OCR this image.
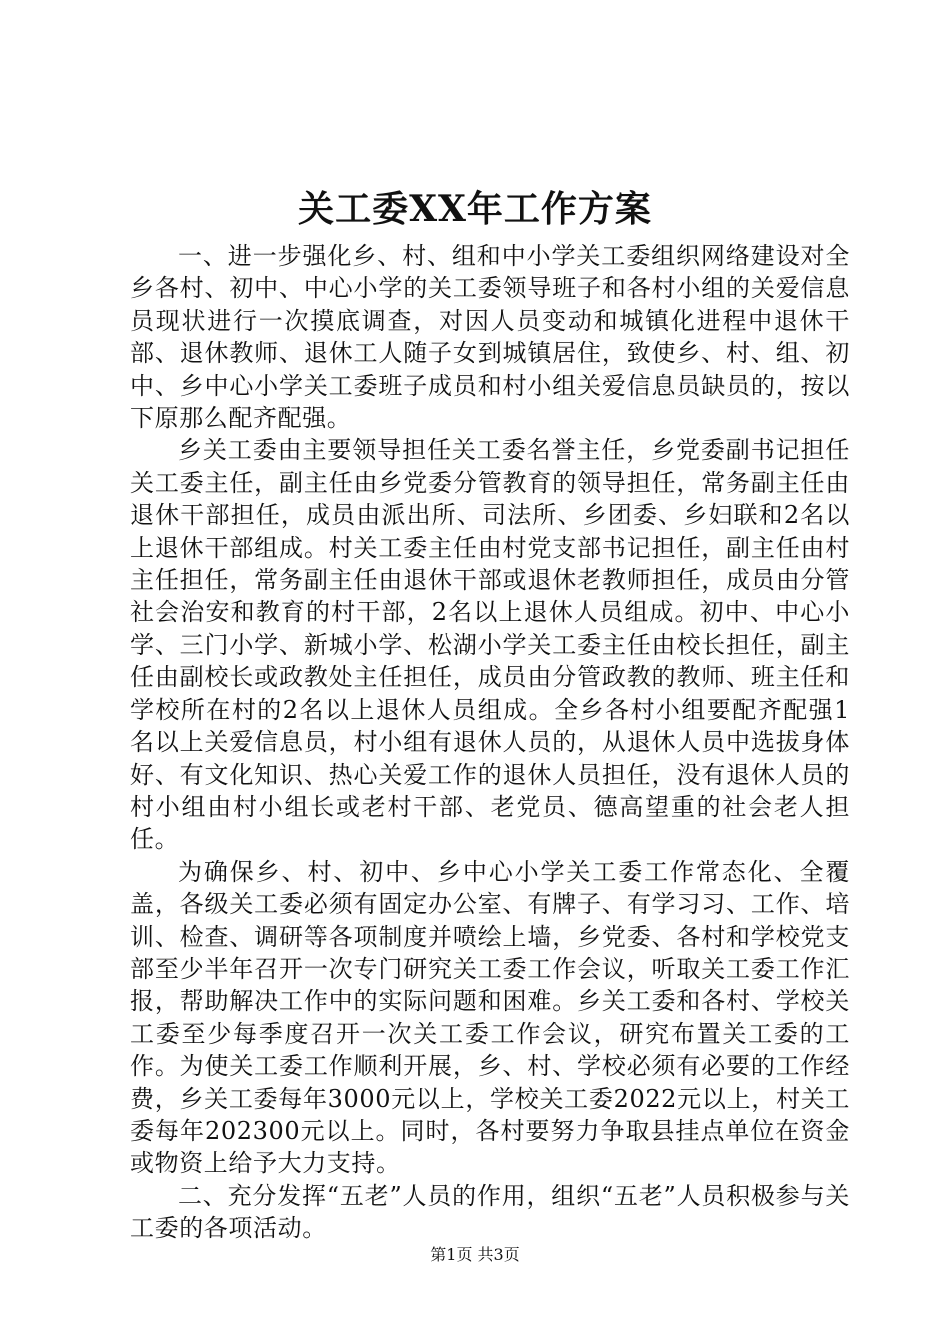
关工委XX年工作方案

一、进一步强化乡、村、组和中小学关工委组织网络建设对全乡各村、初中、中心小学的关工委领导班子和各村小组的关爱信息员现状进行一次摸底调查，对因人员变动和城镇化进程中退休干部、退休教师、退休工人随子女到城镇居住，致使乡、村、组、初中、乡中心小学关工委班子成员和村小组关爱信息员缺员的，按以下原那么配齐配强。

乡关工委由主要领导担任关工委名誉主任，乡党委副书记担任关工委主任，副主任由乡党委分管教育的领导担任，常务副主任由退休干部担任，成员由派出所、司法所、乡团委、乡妇联和2名以上退休干部组成。村关工委主任由村党支部书记担任，副主任由村主任担任，常务副主任由退休干部或退休老教师担任，成员由分管社会治安和教育的村干部，2名以上退休人员组成。初中、中心小学、三门小学、新城小学、松湖小学关工委主任由校长担任，副主任由副校长或政教处主任担任，成员由分管政教的教师、班主任和学校所在村的2名以上退休人员组成。全乡各村小组要配齐配强1名以上关爱信息员，村小组有退休人员的，从退休人员中选拔身体好、有文化知识、热心关爱工作的退休人员担任，没有退休人员的村小组由村小组长或老村干部、老党员、德高望重的社会老人担任。

为确保乡、村、初中、乡中心小学关工委工作常态化、全覆盖，各级关工委必须有固定办公室、有牌子、有学习习、工作、培训、检查、调研等各项制度并喷绘上墙，乡党委、各村和学校党支部至少半年召开一次专门研究关工委工作会议，听取关工委工作汇报，帮助解决工作中的实际问题和困难。乡关工委和各村、学校关工委至少每季度召开一次关工委工作会议，研究布置关工委的工作。为使关工委工作顺利开展，乡、村、学校必须有必要的工作经费，乡关工委每年3000元以上，学校关工委2022元以上，村关工委每年202300元以上。同时，各村要努力争取县挂点单位在资金或物资上给予大力支持。

二、充分发挥“五老”人员的作用，组织“五老”人员积极参与关工委的各项活动。

第1页 共3页
